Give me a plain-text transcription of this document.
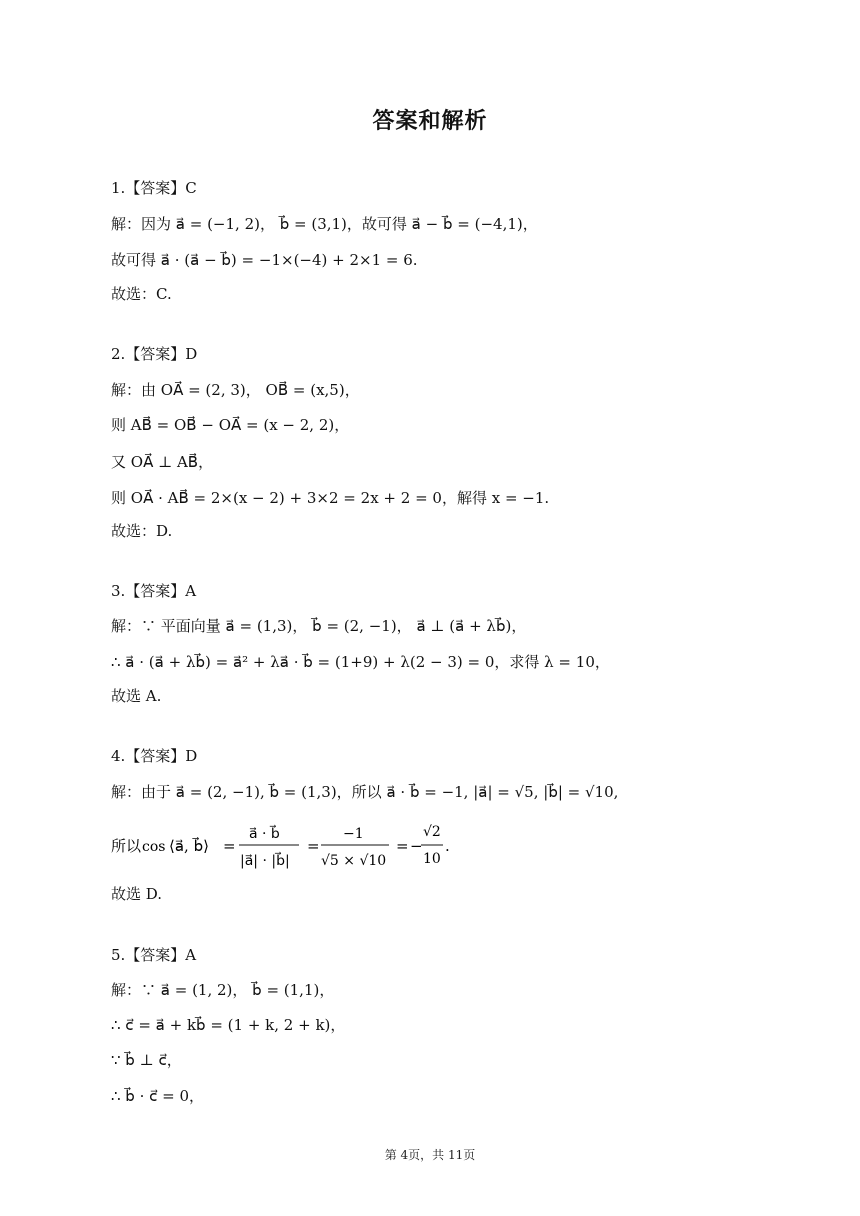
答案和解析
1.【答案】C
解：因为 a⃗ = (−1, 2)， b⃗ = (3,1)，故可得 a⃗ − b⃗ = (−4,1)，
故可得 a⃗ · (a⃗ − b⃗) = −1×(−4) + 2×1 = 6.
故选：C.
2.【答案】D
解：由 OA⃗ = (2, 3)， OB⃗ = (x,5)，
则 AB⃗ = OB⃗ − OA⃗ = (x − 2, 2)，
又 OA⃗ ⊥ AB⃗，
则 OA⃗ · AB⃗ = 2×(x − 2) + 3×2 = 2x + 2 = 0，解得 x = −1.
故选：D.
3.【答案】A
解：∵ 平面向量 a⃗ = (1,3)， b⃗ = (2, −1)， a⃗ ⊥ (a⃗ + λb⃗)，
∴ a⃗ · (a⃗ + λb⃗) = a⃗² + λa⃗ · b⃗ = (1+9) + λ(2 − 3) = 0，求得 λ = 10，
故选 A.
4.【答案】D
解：由于 a⃗ = (2, −1), b⃗ = (1,3)，所以 a⃗ · b⃗ = −1, |a⃗| = √5, |b⃗| = √10,
故选 D.
5.【答案】A
解：∵ a⃗ = (1, 2)， b⃗ = (1,1)，
∴ c⃗ = a⃗ + kb⃗ = (1 + k, 2 + k)，
∵ b⃗ ⊥ c⃗，
∴ b⃗ · c⃗ = 0，
所以 cos ⟨a⃗, b⃗⟩ =
a⃗ · b⃗
|a⃗| · |b⃗|
=
−1
√5 × √10
= −
√2
10
.
第 4页，共 11页
